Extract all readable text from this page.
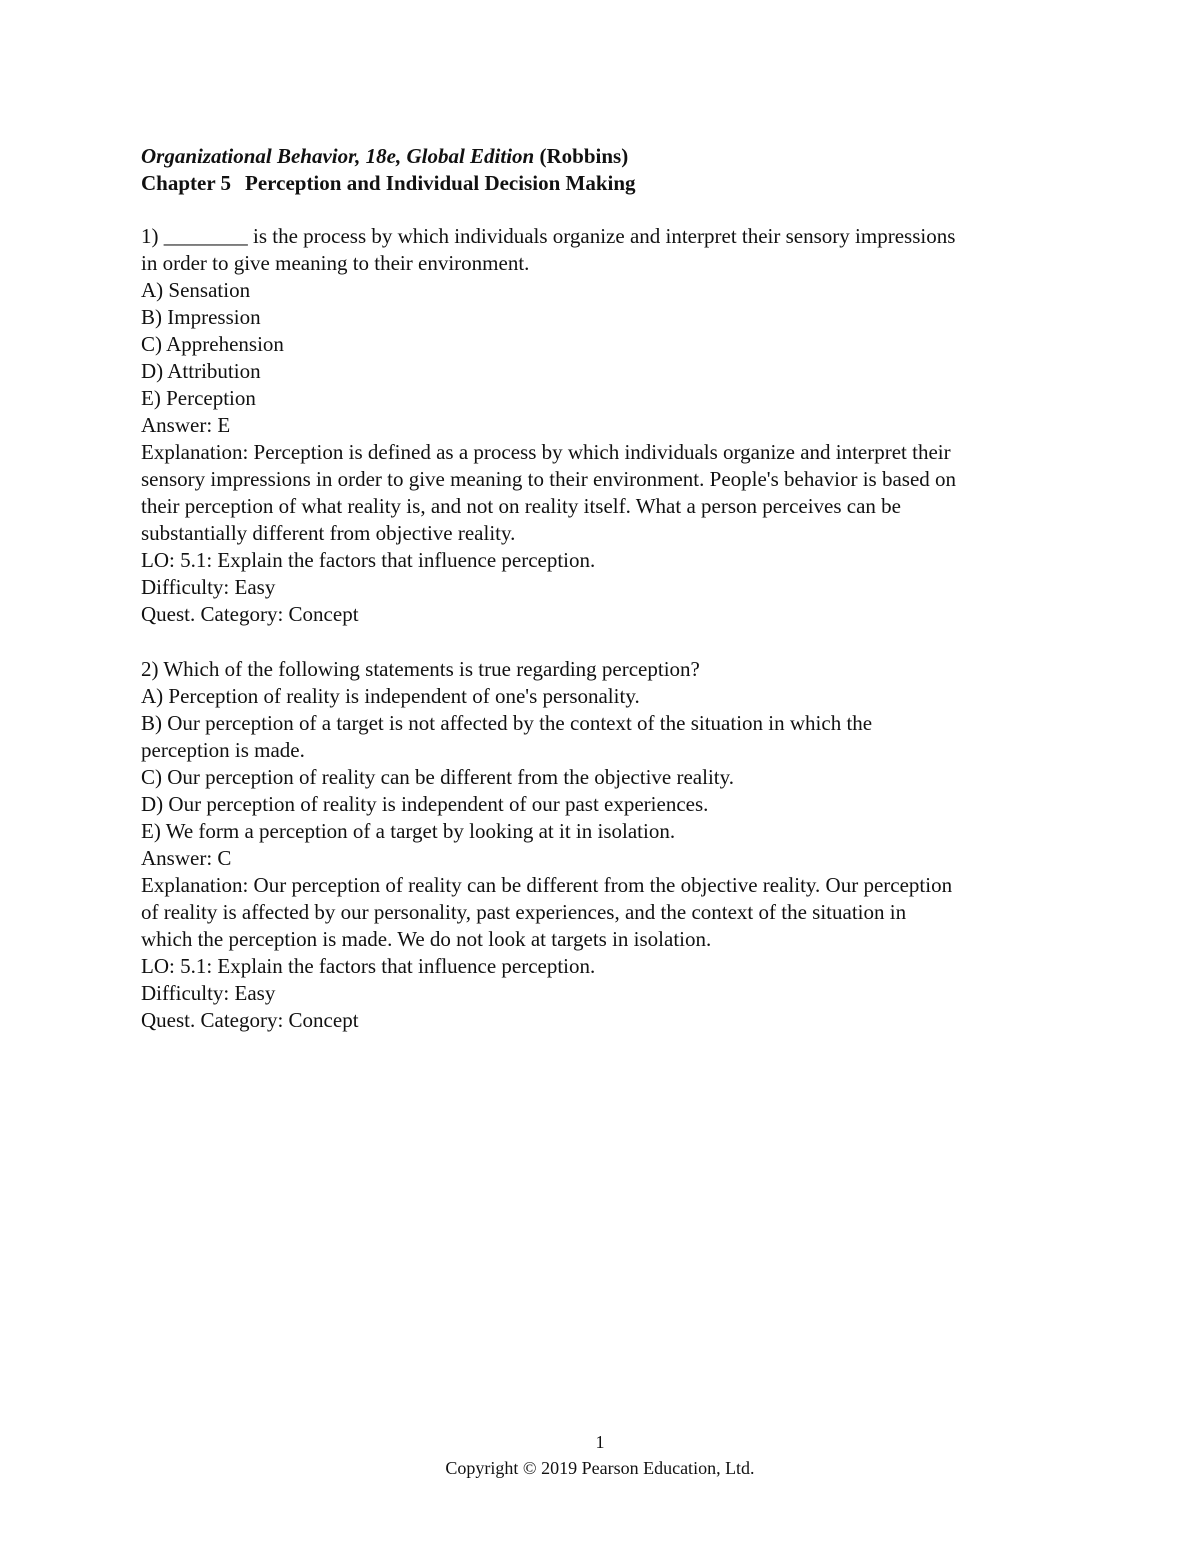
Organizational Behavior, 18e, Global Edition (Robbins)
Chapter 5 Perception and Individual Decision Making

1) ________ is the process by which individuals organize and interpret their sensory impressions

in order to give meaning to their environment.

A) Sensation

B) Impression

C) Apprehension

D) Attribution

E) Perception

Answer: E

Explanation: Perception is defined as a process by which individuals organize and interpret their

sensory impressions in order to give meaning to their environment. People's behavior is based on

their perception of what reality is, and not on reality itself. What a person perceives can be

substantially different from objective reality.

LO: 5.1: Explain the factors that influence perception.

Difficulty: Easy

Quest. Category: Concept

2) Which of the following statements is true regarding perception?

A) Perception of reality is independent of one's personality.

B) Our perception of a target is not affected by the context of the situation in which the

perception is made.

C) Our perception of reality can be different from the objective reality.

D) Our perception of reality is independent of our past experiences.

E) We form a perception of a target by looking at it in isolation.

Answer: C

Explanation: Our perception of reality can be different from the objective reality. Our perception

of reality is affected by our personality, past experiences, and the context of the situation in

which the perception is made. We do not look at targets in isolation.

LO: 5.1: Explain the factors that influence perception.

Difficulty: Easy

Quest. Category: Concept

1
Copyright © 2019 Pearson Education, Ltd.
